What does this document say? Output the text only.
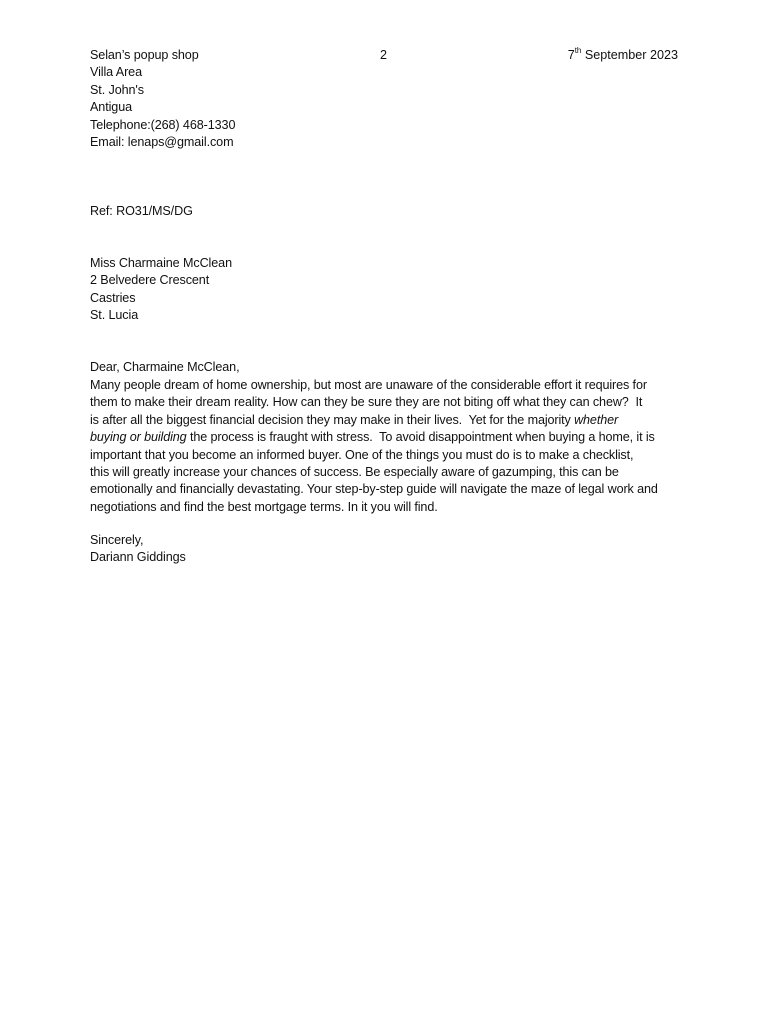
2	7th September 2023
Selan’s popup shop
Villa Area
St. John's
Antigua
Telephone:(268) 468-1330
Email: lenaps@gmail.com
Ref: RO31/MS/DG
Miss Charmaine McClean
2 Belvedere Crescent
Castries
St. Lucia
Dear, Charmaine McClean,
Many people dream of home ownership, but most are unaware of the considerable effort it requires for
them to make their dream reality. How can they be sure they are not biting off what they can chew?  It
is after all the biggest financial decision they may make in their lives.  Yet for the majority whether
buying or building the process is fraught with stress.  To avoid disappointment when buying a home, it is
important that you become an informed buyer. One of the things you must do is to make a checklist,
this will greatly increase your chances of success. Be especially aware of gazumping, this can be
emotionally and financially devastating. Your step-by-step guide will navigate the maze of legal work and
negotiations and find the best mortgage terms. In it you will find.
Sincerely,
Dariann Giddings
